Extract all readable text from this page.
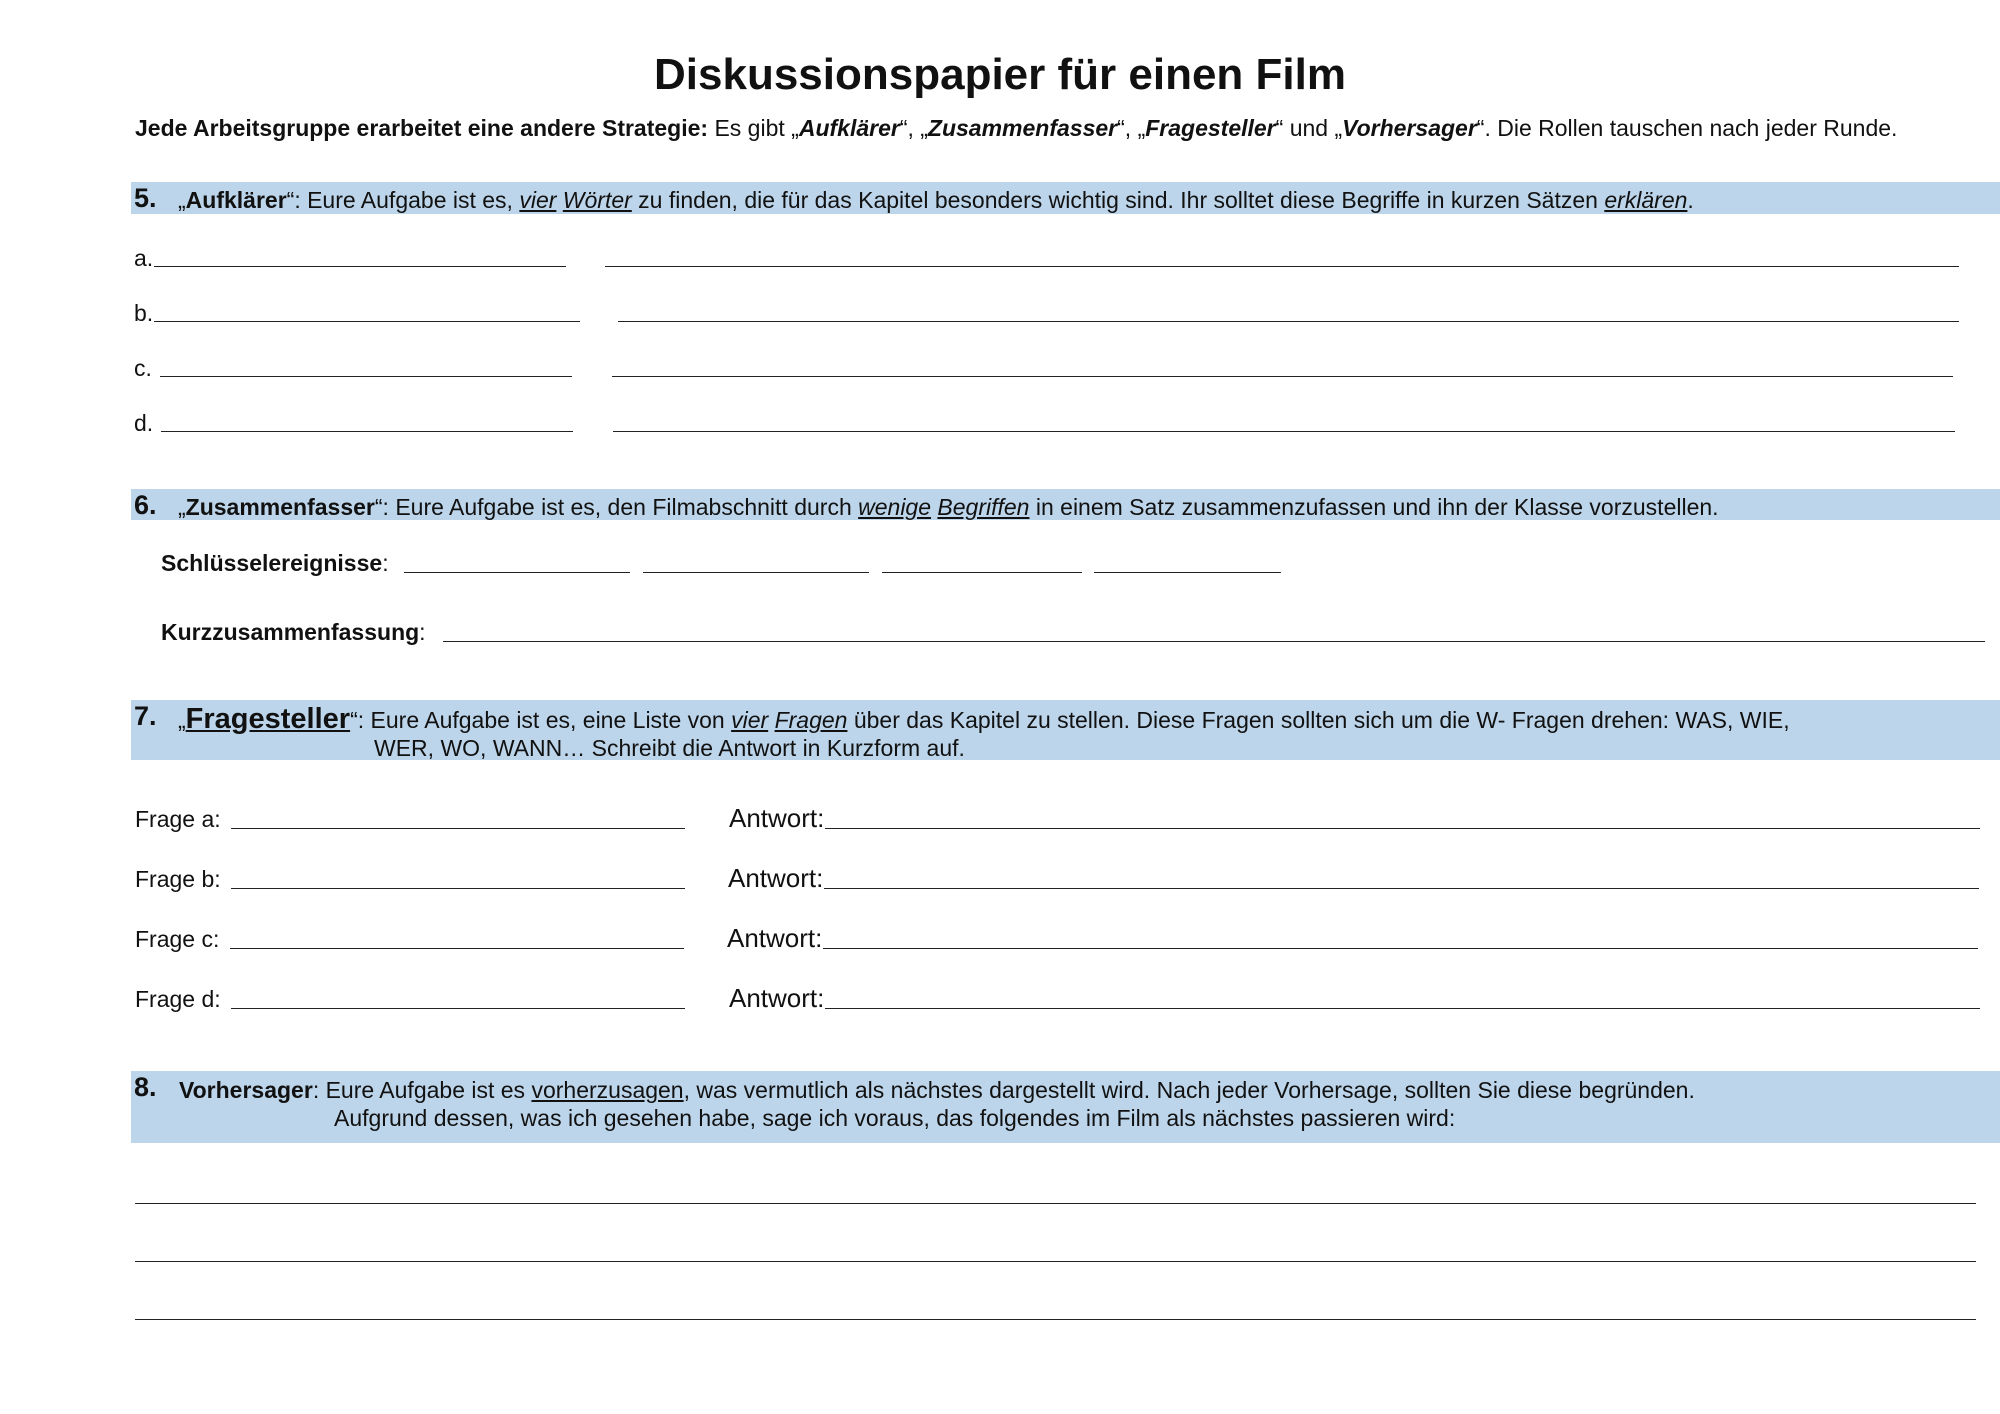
Diskussionspapier für einen Film
Jede Arbeitsgruppe erarbeitet eine andere Strategie: Es gibt „Aufklärer“, „Zusammenfasser“, „Fragesteller“ und „Vorhersager“. Die Rollen tauschen nach jeder Runde.
5. „Aufklärer“: Eure Aufgabe ist es, vier Wörter zu finden, die für das Kapitel besonders wichtig sind. Ihr solltet diese Begriffe in kurzen Sätzen erklären.
a.
b.
c.
d.
6. „Zusammenfasser“: Eure Aufgabe ist es, den Filmabschnitt durch wenige Begriffen in einem Satz zusammenzufassen und ihn der Klasse vorzustellen.
Schlüsselereignisse:
Kurzzusammenfassung:
7. „Fragesteller“: Eure Aufgabe ist es, eine Liste von vier Fragen über das Kapitel zu stellen. Diese Fragen sollten sich um die W- Fragen drehen: WAS, WIE,
WER, WO, WANN… Schreibt die Antwort in Kurzform auf.
Frage a:	Antwort:
Frage b:	Antwort:
Frage c:	Antwort:
Frage d:	Antwort:
8. Vorhersager: Eure Aufgabe ist es vorherzusagen, was vermutlich als nächstes dargestellt wird. Nach jeder Vorhersage, sollten Sie diese begründen.
Aufgrund dessen, was ich gesehen habe, sage ich voraus, das folgendes im Film als nächstes passieren wird:
